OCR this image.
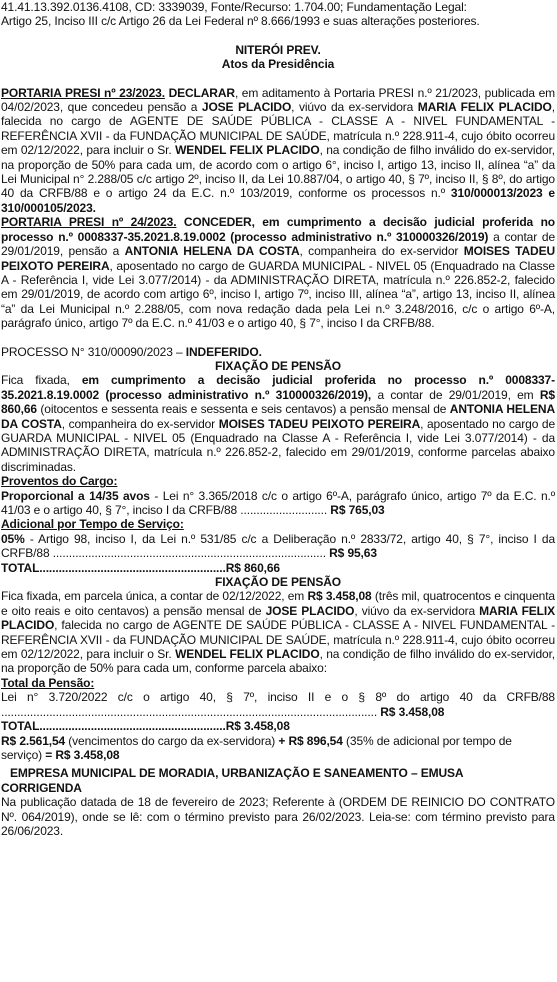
41.41.13.392.0136.4108, CD: 3339039, Fonte/Recurso: 1.704.00; Fundamentação Legal:

Artigo 25, Inciso III c/c Artigo 26 da Lei Federal nº 8.666/1993 e suas alterações posteriores.

NITERÓI PREV.

Atos da Presidência

PORTARIA PRESI nº 23/2023. DECLARAR, em aditamento à Portaria PRESI n.º 21/2023, publicada em 04/02/2023, que concedeu pensão a JOSE PLACIDO, viúvo da ex-servidora MARIA FELIX PLACIDO, falecida no cargo de AGENTE DE SAÚDE PÚBLICA - CLASSE A - NIVEL FUNDAMENTAL - REFERÊNCIA XVII - da FUNDAÇÃO MUNICIPAL DE SAÚDE, matrícula n.º 228.911-4, cujo óbito ocorreu em 02/12/2022, para incluir o Sr. WENDEL FELIX PLACIDO, na condição de filho inválido do ex-servidor, na proporção de 50% para cada um, de acordo com o artigo 6°, inciso I, artigo 13, inciso II, alínea “a” da Lei Municipal n° 2.288/05 c/c artigo 2º, inciso II, da Lei 10.887/04, o artigo 40, § 7º, inciso II, § 8º, do artigo 40 da CRFB/88 e o artigo 24 da E.C. n.º 103/2019, conforme os processos n.º 310/000013/2023 e 310/000105/2023.

PORTARIA PRESI nº 24/2023. CONCEDER, em cumprimento a decisão judicial proferida no processo n.º 0008337-35.2021.8.19.0002 (processo administrativo n.º 310000326/2019) a contar de 29/01/2019, pensão a ANTONIA HELENA DA COSTA, companheira do ex-servidor MOISES TADEU PEIXOTO PEREIRA, aposentado no cargo de GUARDA MUNICIPAL - NIVEL 05 (Enquadrado na Classe A - Referência I, vide Lei 3.077/2014) - da ADMINISTRAÇÃO DIRETA, matrícula n.º 226.852-2, falecido em 29/01/2019, de acordo com artigo 6º, inciso I, artigo 7º, inciso III, alínea “a”, artigo 13, inciso II, alínea “a” da Lei Municipal n.º 2.288/05, com nova redação dada pela Lei n.º 3.248/2016, c/c o artigo 6º-A, parágrafo único, artigo 7º da E.C. n.º 41/03 e o artigo 40, § 7°, inciso I da CRFB/88.

PROCESSO N° 310/00090/2023 – INDEFERIDO.

FIXAÇÃO DE PENSÃO

Fica fixada, em cumprimento a decisão judicial proferida no processo n.º 0008337-35.2021.8.19.0002 (processo administrativo n.º 310000326/2019), a contar de 29/01/2019, em R$ 860,66 (oitocentos e sessenta reais e sessenta e seis centavos) a pensão mensal de ANTONIA HELENA DA COSTA, companheira do ex-servidor MOISES TADEU PEIXOTO PEREIRA, aposentado no cargo de GUARDA MUNICIPAL - NIVEL 05 (Enquadrado na Classe A - Referência I, vide Lei 3.077/2014) - da ADMINISTRAÇÃO DIRETA, matrícula n.º 226.852-2, falecido em 29/01/2019, conforme parcelas abaixo discriminadas.

Proventos do Cargo:

Proporcional a 14/35 avos - Lei n° 3.365/2018 c/c o artigo 6º-A, parágrafo único, artigo 7º da E.C. n.º 41/03 e o artigo 40, § 7°, inciso I da CRFB/88 ........................... R$ 765,03

Adicional por Tempo de Serviço:

05% - Artigo 98, inciso I, da Lei n.º 531/85 c/c a Deliberação n.º 2833/72, artigo 40, § 7°, inciso I da CRFB/88 ..................................................................................... R$ 95,63

TOTAL..........................................................R$ 860,66

FIXAÇÃO DE PENSÃO

Fica fixada, em parcela única, a contar de 02/12/2022, em R$ 3.458,08 (três mil, quatrocentos e cinquenta e oito reais e oito centavos) a pensão mensal de JOSE PLACIDO, viúvo da ex-servidora MARIA FELIX PLACIDO, falecida no cargo de AGENTE DE SAÚDE PÚBLICA - CLASSE A - NIVEL FUNDAMENTAL - REFERÊNCIA XVII - da FUNDAÇÃO MUNICIPAL DE SAÚDE, matrícula n.º 228.911-4, cujo óbito ocorreu em 02/12/2022, para incluir o Sr. WENDEL FELIX PLACIDO, na condição de filho inválido do ex-servidor, na proporção de 50% para cada um, conforme parcela abaixo:

Total da Pensão:

Lei n° 3.720/2022 c/c o artigo 40, § 7º, inciso II e o § 8º do artigo 40 da CRFB/88 ..................................................................................................................... R$ 3.458,08

TOTAL..........................................................R$ 3.458,08

R$ 2.561,54 (vencimentos do cargo da ex-servidora) + R$ 896,54 (35% de adicional por tempo de serviço) = R$ 3.458,08

EMPRESA MUNICIPAL DE MORADIA, URBANIZAÇÃO E SANEAMENTO – EMUSA

CORRIGENDA

Na publicação datada de 18 de fevereiro de 2023; Referente à (ORDEM DE REINICIO DO CONTRATO Nº. 064/2019), onde se lê: com o término previsto para 26/02/2023. Leia-se: com término previsto para 26/06/2023.
